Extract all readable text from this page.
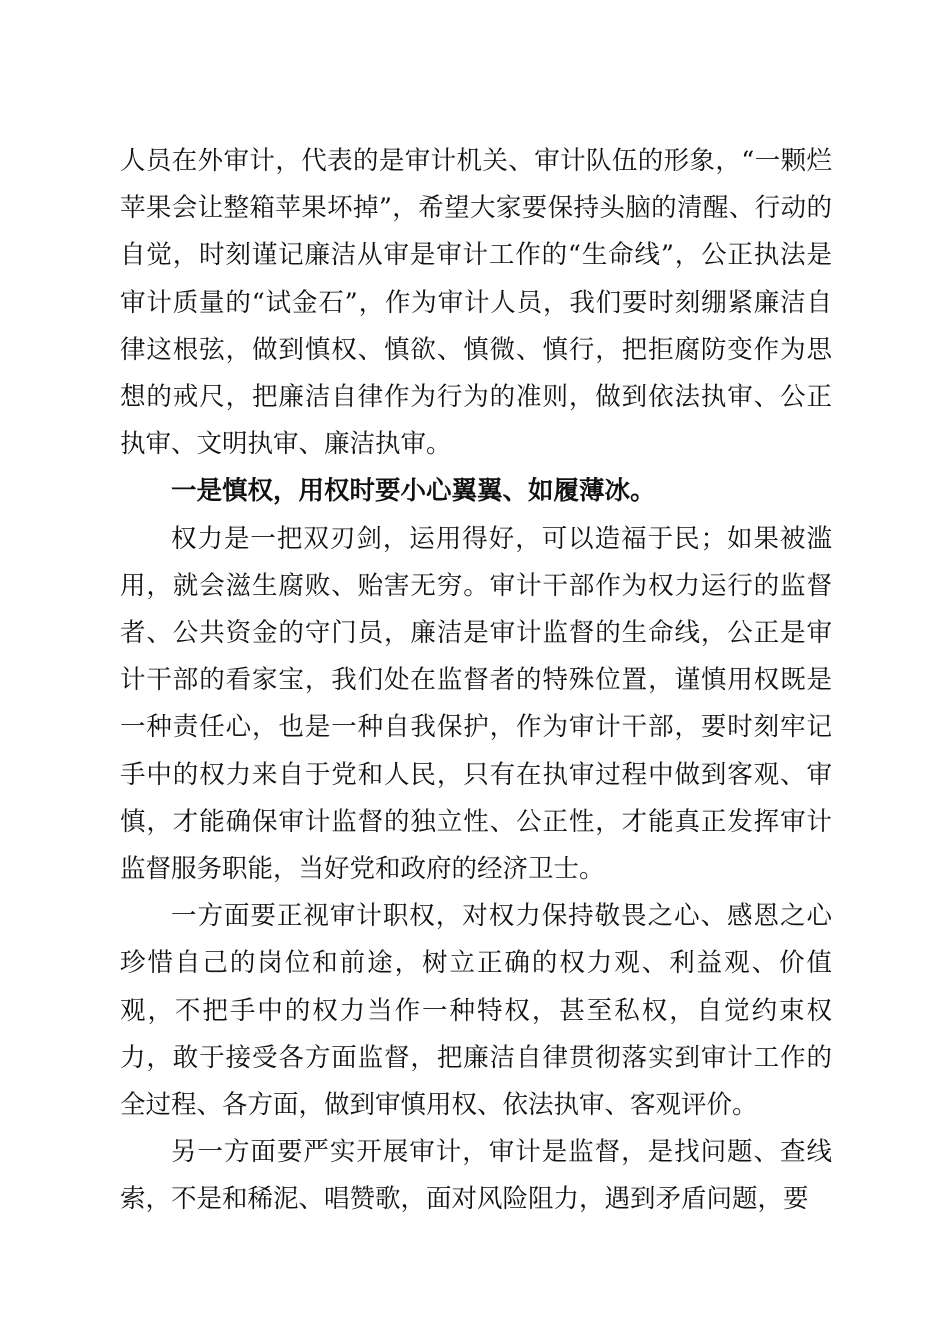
人员在外审计，代表的是审计机关、审计队伍的形象，“一颗烂苹果会让整箱苹果坏掉”，希望大家要保持头脑的清醒、行动的自觉，时刻谨记廉洁从审是审计工作的“生命线”，公正执法是审计质量的“试金石”，作为审计人员，我们要时刻绷紧廉洁自律这根弦，做到慎权、慎欲、慎微、慎行，把拒腐防变作为思想的戒尺，把廉洁自律作为行为的准则，做到依法执审、公正执审、文明执审、廉洁执审。

一是慎权，用权时要小心翼翼、如履薄冰。

权力是一把双刃剑，运用得好，可以造福于民；如果被滥用，就会滋生腐败、贻害无穷。审计干部作为权力运行的监督者、公共资金的守门员，廉洁是审计监督的生命线，公正是审计干部的看家宝，我们处在监督者的特殊位置，谨慎用权既是一种责任心，也是一种自我保护，作为审计干部，要时刻牢记手中的权力来自于党和人民，只有在执审过程中做到客观、审慎，才能确保审计监督的独立性、公正性，才能真正发挥审计监督服务职能，当好党和政府的经济卫士。

一方面要正视审计职权，对权力保持敬畏之心、感恩之心珍惜自己的岗位和前途，树立正确的权力观、利益观、价值观，不把手中的权力当作一种特权，甚至私权，自觉约束权力，敢于接受各方面监督，把廉洁自律贯彻落实到审计工作的全过程、各方面，做到审慎用权、依法执审、客观评价。

另一方面要严实开展审计，审计是监督，是找问题、查线索，不是和稀泥、唱赞歌，面对风险阻力，遇到矛盾问题，要
